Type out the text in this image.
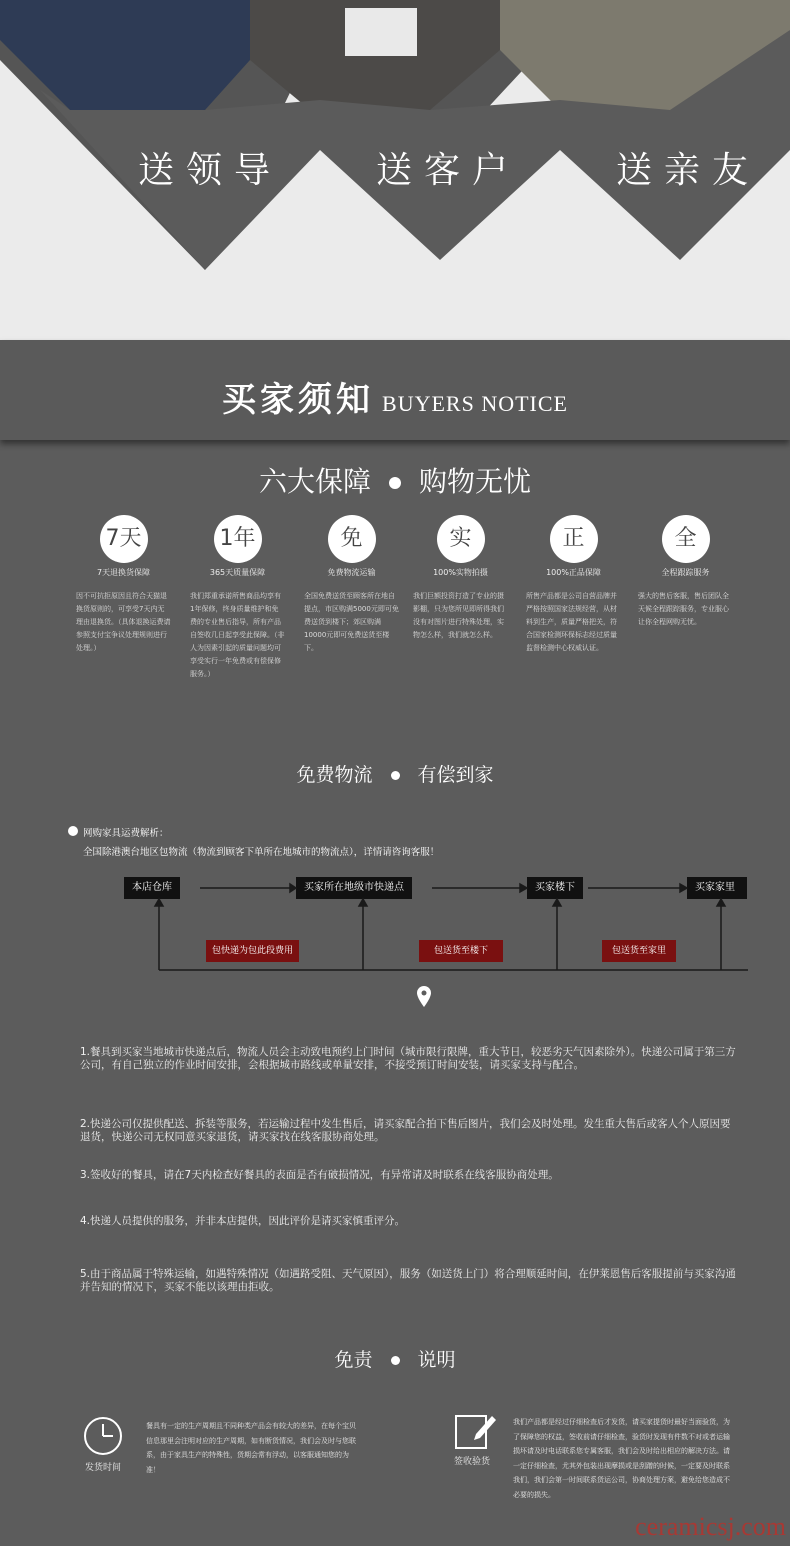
送领导	送客户	送亲友
买家须知 BUYERS NOTICE
六大保障 购物无忧
7天
7天退换货保障
因不可抗拒原因且符合天猫退换货原则的，可享受7天内无理由退换货。（具体退换运费请参照支付宝争议处理规则进行处理。）
1年
365天质量保障
我们郑重承诺所售商品均享有1年保修，终身质量维护和免费的专业售后指导，所有产品自签收几日起享受此保障。（非人为因素引起的质量问题均可享受实行一年免费或有偿保修服务。）
免
免费物流运输
全国免费送货至顾客所在地自提点，市区购满5000元即可免费送货到楼下；郊区购满10000元即可免费送货至楼下。
实
100%实物拍摄
我们巨额投资打造了专业的摄影棚，只为您所见即所得我们没有对图片进行特殊处理，实物怎么样，我们就怎么样。
正
100%正品保障
所售产品都是公司自营品牌并严格按照国家法规经营，从材料到生产，质量严格把关，符合国家检测环保标志经过质量监督检测中心权威认证。
全
全程跟踪服务
强大的售后客服，售后团队全天候全程跟踪服务，专业服心让你全程网购无忧。
免费物流 有偿到家
网购家具运费解析：
全国除港澳台地区包物流（物流到顾客下单所在地城市的物流点），详情请咨询客服！
本店仓库	买家所在地级市快递点	买家楼下	买家家里
包快递为包此段费用	包送货至楼下	包送货至家里
1.餐具到买家当地城市快递点后，物流人员会主动致电预约上门时间（城市限行限牌，重大节日，较恶劣天气因素除外）。快递公司属于第三方公司，有自己独立的作业时间安排，会根据城市路线或单量安排，不接受预订时间安装，请买家支持与配合。
2.快递公司仅提供配送、拆装等服务，若运输过程中发生售后，请买家配合拍下售后图片，我们会及时处理。发生重大售后或客人个人原因要退货，快递公司无权同意买家退货，请买家找在线客服协商处理。
3.签收好的餐具，请在7天内检查好餐具的表面是否有破损情况，有异常请及时联系在线客服协商处理。
4.快递人员提供的服务，并非本店提供，因此评价是请买家慎重评分。
5.由于商品属于特殊运输，如遇特殊情况（如遇路受阻、天气原因），服务（如送货上门）将合理顺延时间，在伊莱恩售后客服提前与买家沟通并告知的情况下，买家不能以该理由拒收。
免责 说明
发货时间
餐具有一定的生产周期且不同种类产品会有较大的差异，在每个宝贝信息那里会注明对应的生产周期，如有断货情况，我们会及时与您联系，由于家具生产的特殊性，货期会常有浮动，以客服通知您的为准！
签收验货
我们产品都是经过仔细检查后才发货，请买家提货时最好当面验货，为了保障您的权益，签收前请仔细检查，验货时发现有件数不对或者运输损坏请及时电话联系您专属客服，我们会及时给出相应的解决方法。请一定仔细检查，尤其外包装出现摩损或是刮蹭的时候，一定要及时联系我们，我们会第一时间联系货运公司，协商处理方案，避免给您造成不必要的损失。
ceramicsj.com
